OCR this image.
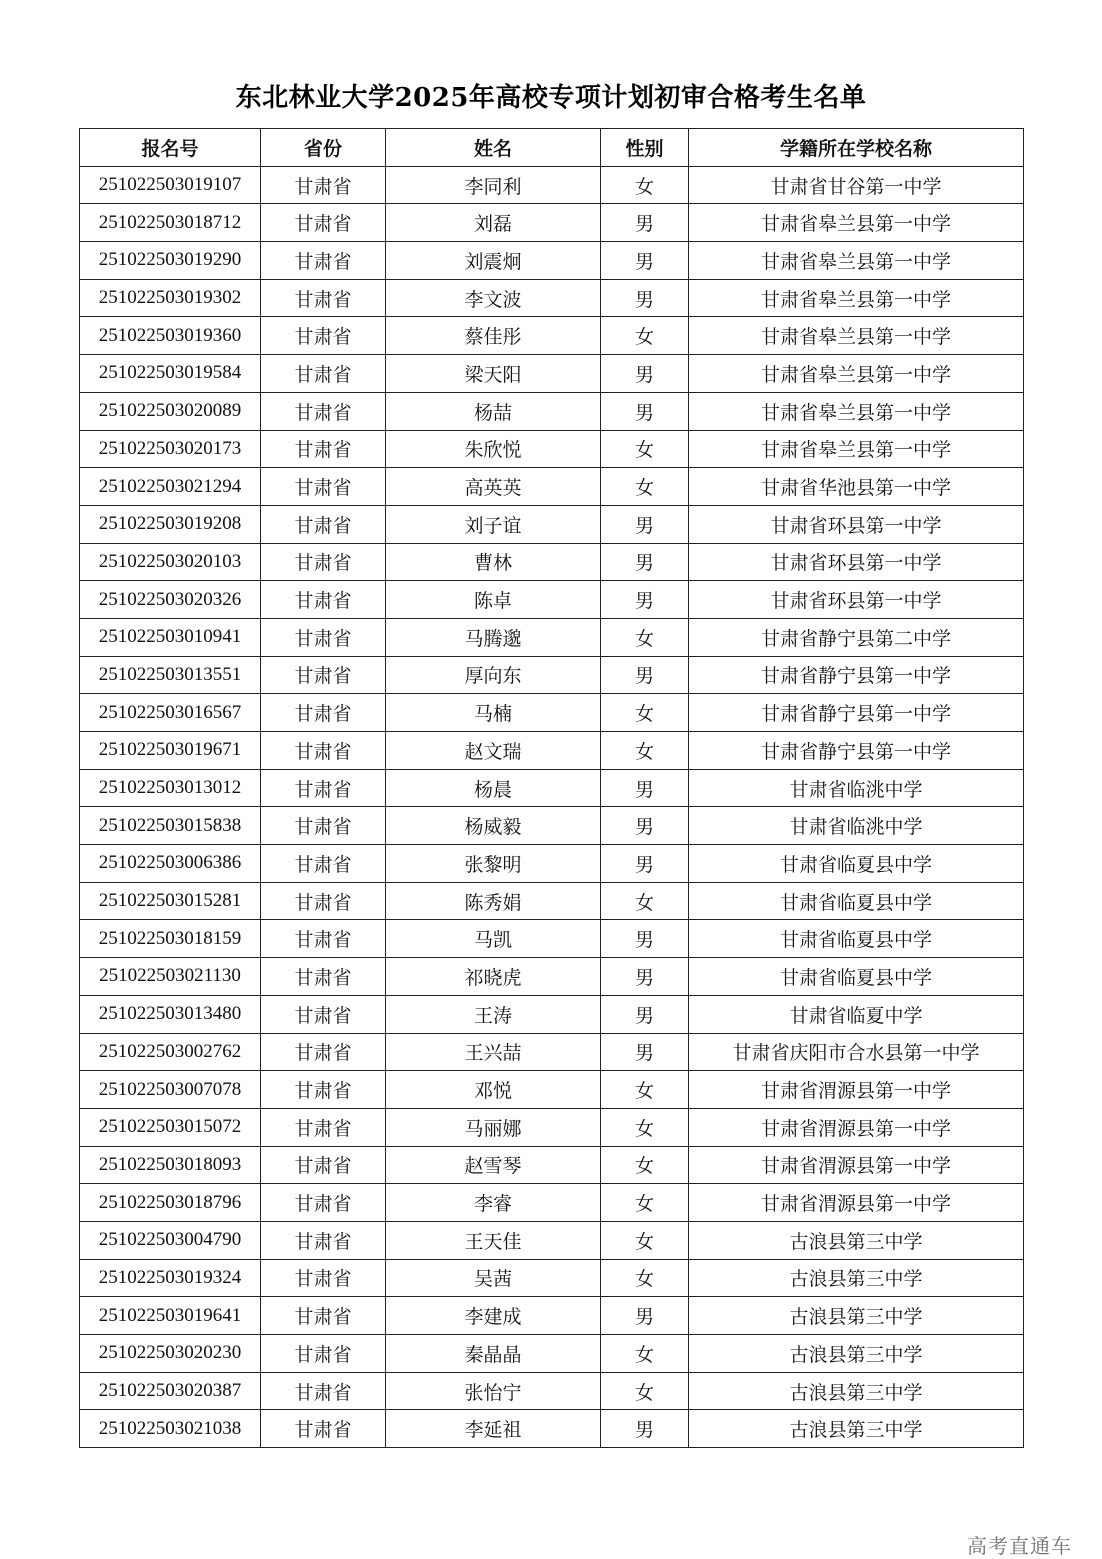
东北林业大学2025年高校专项计划初审合格考生名单
报名号	省份	姓名	性别	学籍所在学校名称
251022503019107	甘肃省	李同利	女	甘肃省甘谷第一中学
251022503018712	甘肃省	刘磊	男	甘肃省皋兰县第一中学
251022503019290	甘肃省	刘震炯	男	甘肃省皋兰县第一中学
251022503019302	甘肃省	李文波	男	甘肃省皋兰县第一中学
251022503019360	甘肃省	蔡佳彤	女	甘肃省皋兰县第一中学
251022503019584	甘肃省	梁天阳	男	甘肃省皋兰县第一中学
251022503020089	甘肃省	杨喆	男	甘肃省皋兰县第一中学
251022503020173	甘肃省	朱欣悦	女	甘肃省皋兰县第一中学
251022503021294	甘肃省	高英英	女	甘肃省华池县第一中学
251022503019208	甘肃省	刘子谊	男	甘肃省环县第一中学
251022503020103	甘肃省	曹林	男	甘肃省环县第一中学
251022503020326	甘肃省	陈卓	男	甘肃省环县第一中学
251022503010941	甘肃省	马腾邈	女	甘肃省静宁县第二中学
251022503013551	甘肃省	厚向东	男	甘肃省静宁县第一中学
251022503016567	甘肃省	马楠	女	甘肃省静宁县第一中学
251022503019671	甘肃省	赵文瑞	女	甘肃省静宁县第一中学
251022503013012	甘肃省	杨晨	男	甘肃省临洮中学
251022503015838	甘肃省	杨威毅	男	甘肃省临洮中学
251022503006386	甘肃省	张黎明	男	甘肃省临夏县中学
251022503015281	甘肃省	陈秀娟	女	甘肃省临夏县中学
251022503018159	甘肃省	马凯	男	甘肃省临夏县中学
251022503021130	甘肃省	祁晓虎	男	甘肃省临夏县中学
251022503013480	甘肃省	王涛	男	甘肃省临夏中学
251022503002762	甘肃省	王兴喆	男	甘肃省庆阳市合水县第一中学
251022503007078	甘肃省	邓悦	女	甘肃省渭源县第一中学
251022503015072	甘肃省	马丽娜	女	甘肃省渭源县第一中学
251022503018093	甘肃省	赵雪琴	女	甘肃省渭源县第一中学
251022503018796	甘肃省	李睿	女	甘肃省渭源县第一中学
251022503004790	甘肃省	王天佳	女	古浪县第三中学
251022503019324	甘肃省	吴茜	女	古浪县第三中学
251022503019641	甘肃省	李建成	男	古浪县第三中学
251022503020230	甘肃省	秦晶晶	女	古浪县第三中学
251022503020387	甘肃省	张怡宁	女	古浪县第三中学
251022503021038	甘肃省	李延祖	男	古浪县第三中学
高考直通车
